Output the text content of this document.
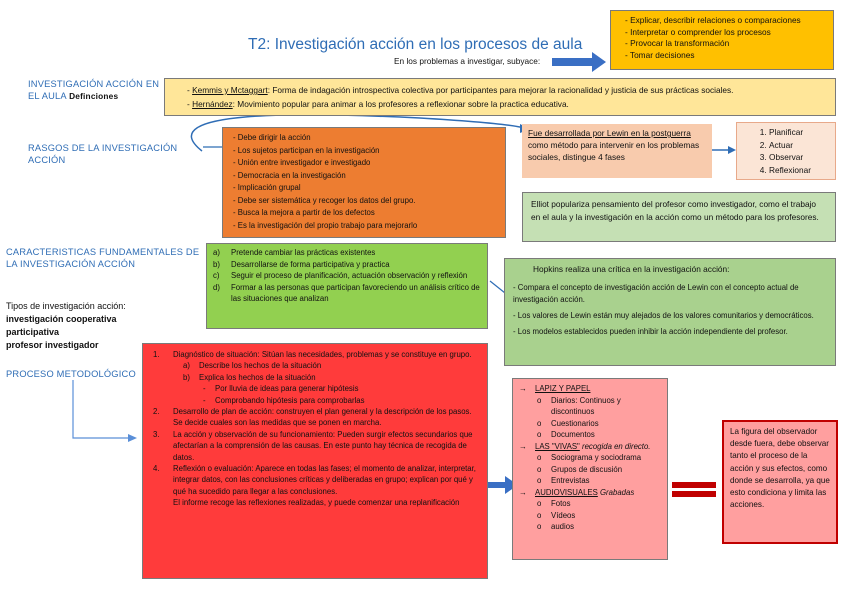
T2: Investigación acción en los procesos de aula
En los problemas a investigar, subyace:
- Explicar, describir relaciones o comparaciones
- Interpretar o comprender los procesos
- Provocar la transformación
- Tomar decisiones
INVESTIGACIÓN ACCIÓN EN
EL AULA Definciones
- Kemmis y Mctaggart: Forma de indagación introspectiva colectiva por participantes para mejorar la racionalidad y justicia de sus prácticas sociales.
- Hernández: Movimiento popular para animar a los profesores a reflexionar sobre la practica educativa.
RASGOS DE LA INVESTIGACIÓN ACCIÓN
- Debe dirigir la acción
- Los sujetos participan en la investigación
- Unión entre investigador e investigado
- Democracia en la investigación
- Implicación grupal
- Debe ser sistemática y recoger los datos del grupo.
- Busca la mejora a partir de los defectos
- Es la investigación del propio trabajo para mejorarlo
Fue desarrollada por Lewin en la postguerra como método para intervenir en los problemas sociales, distingue 4 fases
1. Planificar
2. Actuar
3. Observar
4. Reflexionar
Elliot populariza pensamiento del profesor como investigador, como el trabajo en el aula y la investigación en la acción como un método para los profesores.
CARACTERISTICAS FUNDAMENTALES DE
LA INVESTIGACIÓN ACCIÓN
a)	Pretende cambiar las prácticas existentes
b)	Desarrollarse de forma participativa y practica
c)	Seguir el proceso de planificación, actuación observación y reflexión
d)	Formar a las personas que participan favoreciendo un análisis crítico de las situaciones que analizan
Hopkins realiza una crítica en la investigación acción:
- Compara el concepto de investigación acción de Lewin con el concepto actual de investigación acción.
- Los valores de Lewin están muy alejados de los valores comunitarios y democráticos.
- Los modelos establecidos pueden inhibir la acción independiente del profesor.
Tipos de investigación acción:
investigación cooperativa
participativa
profesor investigador
PROCESO METODOLÓGICO
1.	Diagnóstico de situación: Sitúan las necesidades, problemas y se constituye en grupo.
a)	Describe los hechos de la situación
b)	Explica los hechos de la situación
-	Por lluvia de ideas para generar hipótesis
-	Comprobando hipótesis para comprobarlas
2.	Desarrollo de plan de acción: construyen el plan general y la descripción de los pasos. Se decide cuales son las medidas que se ponen en marcha.
3.	La acción y observación de su funcionamiento: Pueden surgir efectos secundarios que afectarían a la comprensión de las causas. En este punto hay técnica de recogida de datos.
4.	Reflexión o evaluación: Aparece en todas las fases; el momento de analizar, interpretar, integrar datos, con las conclusiones críticas y deliberadas en grupo; explican por qué y qué ha sucedido para llegar a las conclusiones.
El informe recoge las reflexiones realizadas, y puede comenzar una replanificación
→ LAPIZ Y PAPEL
o	Diarios: Continuos y discontinuos
o	Cuestionarios
o	Documentos
→ LAS "VIVAS" recogida en directo.
o	Sociograma y sociodrama
o	Grupos de discusión
o	Entrevistas
→ AUDIOVISUALES Grabadas
o	Fotos
o	Vídeos
o	audios
La figura del observador desde fuera, debe observar tanto el proceso de la acción y sus efectos, como donde se desarrolla, ya que esto condiciona y limita las acciones.
